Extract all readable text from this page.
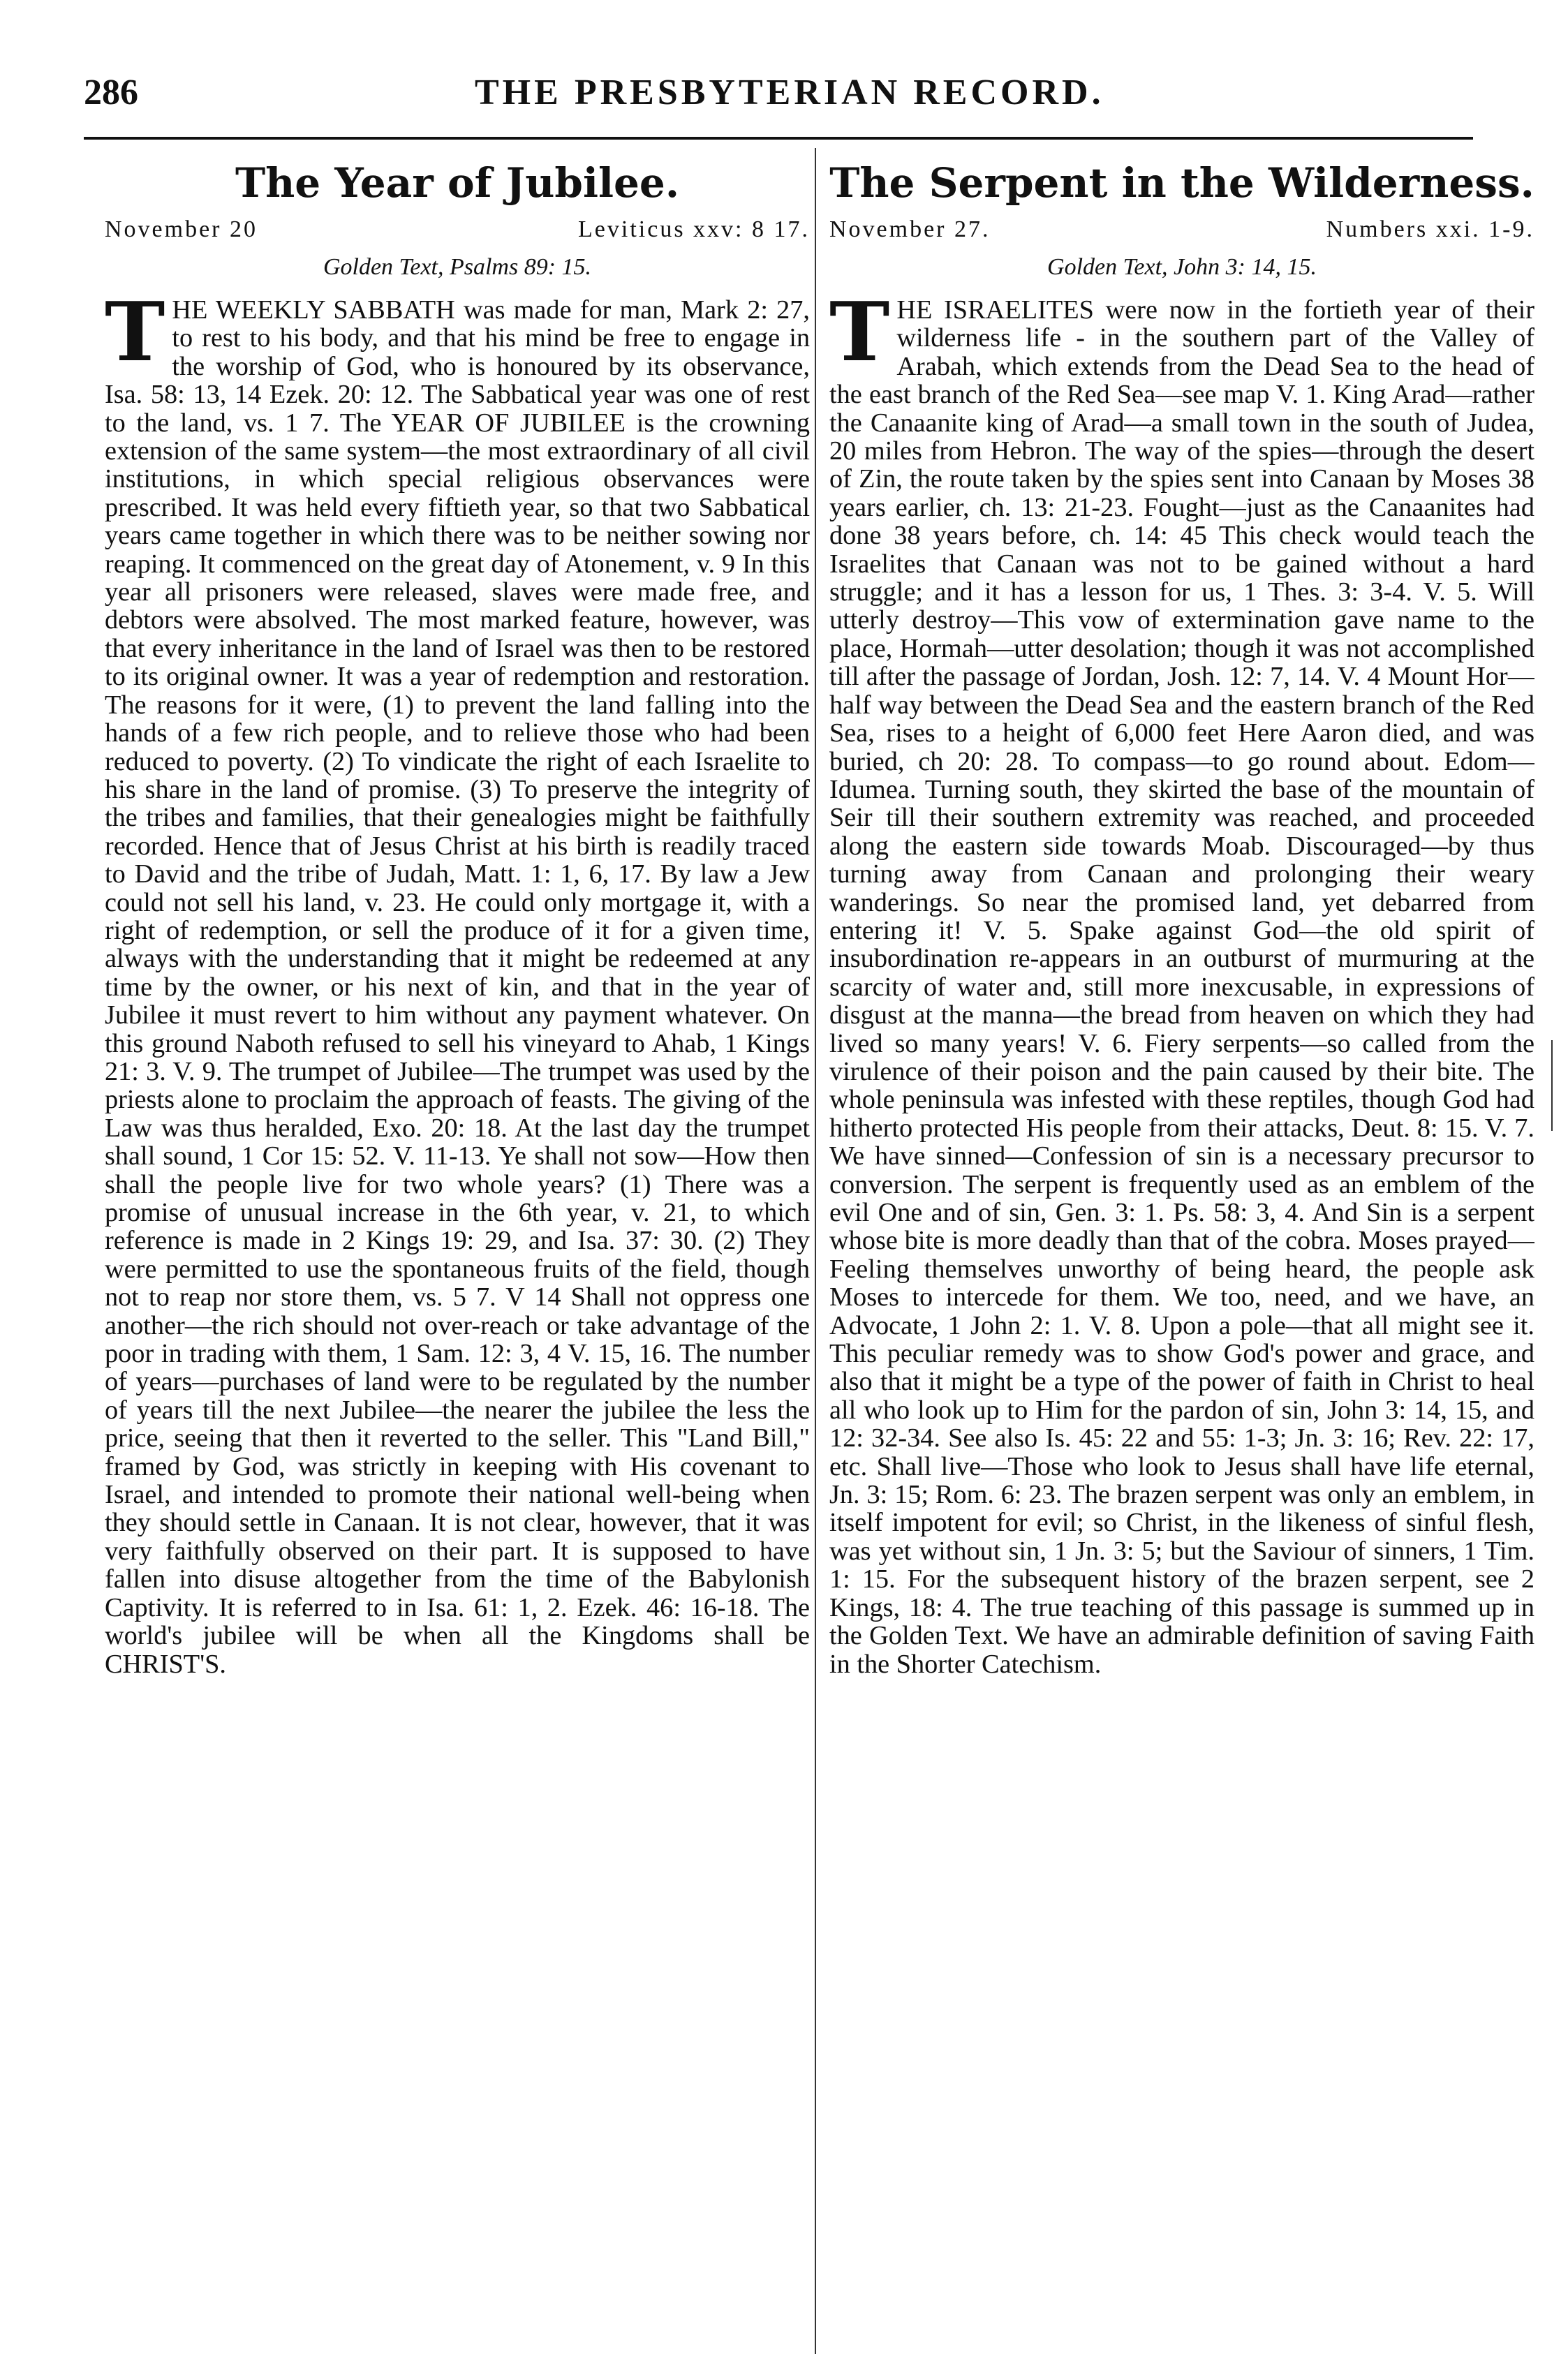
286	THE PRESBYTERIAN RECORD.
The Year of Jubilee.
November 20	Leviticus xxv: 8 17.
Golden Text, Psalms 89: 15.

THE WEEKLY SABBATH was made for man, Mark 2: 27, to rest to his body, and that his mind be free to engage in the worship of God, who is honoured by its observance, Isa. 58: 13, 14 Ezek. 20: 12. The Sabbatical year was one of rest to the land, vs. 1 7. The YEAR OF JUBILEE is the crowning extension of the same system—the most extraordinary of all civil institutions, in which special religious observances were prescribed. It was held every fiftieth year, so that two Sabbatical years came together in which there was to be neither sowing nor reaping. It commenced on the great day of Atonement, v. 9 In this year all prisoners were released, slaves were made free, and debtors were absolved. The most marked feature, however, was that every inheritance in the land of Israel was then to be restored to its original owner. It was a year of redemption and restoration. The reasons for it were, (1) to prevent the land falling into the hands of a few rich people, and to relieve those who had been reduced to poverty. (2) To vindicate the right of each Israelite to his share in the land of promise. (3) To preserve the integrity of the tribes and families, that their genealogies might be faithfully recorded. Hence that of Jesus Christ at his birth is readily traced to David and the tribe of Judah, Matt. 1: 1, 6, 17. By law a Jew could not sell his land, v. 23. He could only mortgage it, with a right of redemption, or sell the produce of it for a given time, always with the understanding that it might be redeemed at any time by the owner, or his next of kin, and that in the year of Jubilee it must revert to him without any payment whatever. On this ground Naboth refused to sell his vineyard to Ahab, 1 Kings 21: 3. V. 9. The trumpet of Jubilee—The trumpet was used by the priests alone to proclaim the approach of feasts. The giving of the Law was thus heralded, Exo. 20: 18. At the last day the trumpet shall sound, 1 Cor 15: 52. V. 11-13. Ye shall not sow—How then shall the people live for two whole years? (1) There was a promise of unusual increase in the 6th year, v. 21, to which reference is made in 2 Kings 19: 29, and Isa. 37: 30. (2) They were permitted to use the spontaneous fruits of the field, though not to reap nor store them, vs. 5 7. V 14 Shall not oppress one another—the rich should not over-reach or take advantage of the poor in trading with them, 1 Sam. 12: 3, 4 V. 15, 16. The number of years—purchases of land were to be regulated by the number of years till the next Jubilee—the nearer the jubilee the less the price, seeing that then it reverted to the seller. This "Land Bill," framed by God, was strictly in keeping with His covenant to Israel, and intended to promote their national well-being when they should settle in Canaan. It is not clear, however, that it was very faithfully observed on their part. It is supposed to have fallen into disuse altogether from the time of the Babylonish Captivity. It is referred to in Isa. 61: 1, 2. Ezek. 46: 16-18. The world's jubilee will be when all the Kingdoms shall be CHRIST'S.

The Serpent in the Wilderness.
November 27.	Numbers xxi. 1-9.
Golden Text, John 3: 14, 15.

THE ISRAELITES were now in the fortieth year of their wilderness life - in the southern part of the Valley of Arabah, which extends from the Dead Sea to the head of the east branch of the Red Sea—see map V. 1. King Arad—rather the Canaanite king of Arad—a small town in the south of Judea, 20 miles from Hebron. The way of the spies—through the desert of Zin, the route taken by the spies sent into Canaan by Moses 38 years earlier, ch. 13: 21-23. Fought—just as the Canaanites had done 38 years before, ch. 14: 45 This check would teach the Israelites that Canaan was not to be gained without a hard struggle; and it has a lesson for us, 1 Thes. 3: 3-4. V. 5. Will utterly destroy—This vow of extermination gave name to the place, Hormah—utter desolation; though it was not accomplished till after the passage of Jordan, Josh. 12: 7, 14. V. 4 Mount Hor—half way between the Dead Sea and the eastern branch of the Red Sea, rises to a height of 6,000 feet Here Aaron died, and was buried, ch 20: 28. To compass—to go round about. Edom—Idumea. Turning south, they skirted the base of the mountain of Seir till their southern extremity was reached, and proceeded along the eastern side towards Moab. Discouraged—by thus turning away from Canaan and prolonging their weary wanderings. So near the promised land, yet debarred from entering it! V. 5. Spake against God—the old spirit of insubordination re-appears in an outburst of murmuring at the scarcity of water and, still more inexcusable, in expressions of disgust at the manna—the bread from heaven on which they had lived so many years! V. 6. Fiery serpents—so called from the virulence of their poison and the pain caused by their bite. The whole peninsula was infested with these reptiles, though God had hitherto protected His people from their attacks, Deut. 8: 15. V. 7. We have sinned—Confession of sin is a necessary precursor to conversion. The serpent is frequently used as an emblem of the evil One and of sin, Gen. 3: 1. Ps. 58: 3, 4. And Sin is a serpent whose bite is more deadly than that of the cobra. Moses prayed—Feeling themselves unworthy of being heard, the people ask Moses to intercede for them. We too, need, and we have, an Advocate, 1 John 2: 1. V. 8. Upon a pole—that all might see it. This peculiar remedy was to show God's power and grace, and also that it might be a type of the power of faith in Christ to heal all who look up to Him for the pardon of sin, John 3: 14, 15, and 12: 32-34. See also Is. 45: 22 and 55: 1-3; Jn. 3: 16; Rev. 22: 17, etc. Shall live—Those who look to Jesus shall have life eternal, Jn. 3: 15; Rom. 6: 23. The brazen serpent was only an emblem, in itself impotent for evil; so Christ, in the likeness of sinful flesh, was yet without sin, 1 Jn. 3: 5; but the Saviour of sinners, 1 Tim. 1: 15. For the subsequent history of the brazen serpent, see 2 Kings, 18: 4. The true teaching of this passage is summed up in the Golden Text. We have an admirable definition of saving Faith in the Shorter Catechism.
